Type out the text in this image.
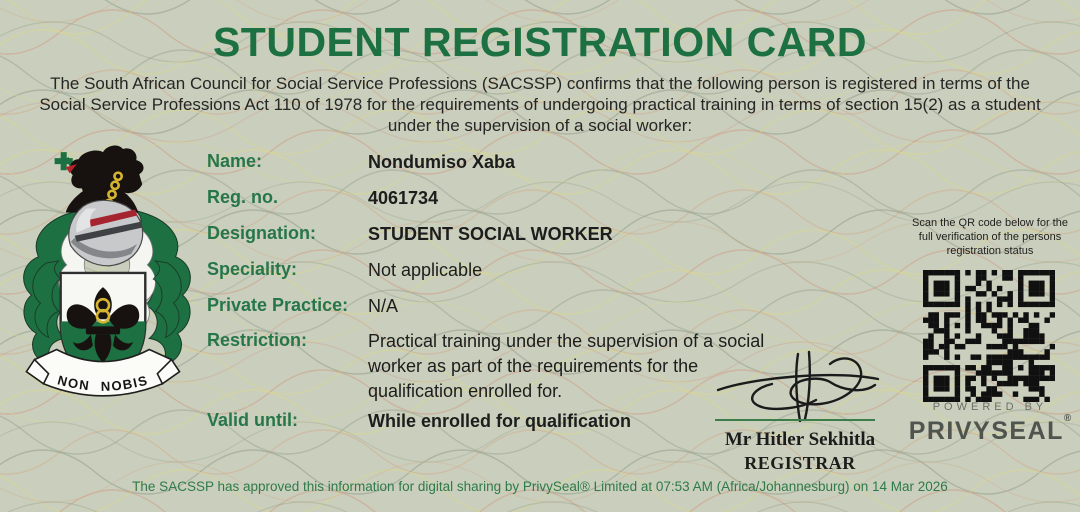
STUDENT REGISTRATION CARD
The South African Council for Social Service Professions (SACSSP) confirms that the following person is registered in terms of the Social Service Professions Act 110 of 1978 for the requirements of undergoing practical training in terms of section 15(2) as a student under the supervision of a social worker:
NON NOBIS
Name:	Nondumiso Xaba
Reg. no.	4061734
Designation:	STUDENT SOCIAL WORKER
Speciality:	Not applicable
Private Practice:	N/A
Restriction:	Practical training under the supervision of a social worker as part of the requirements for the qualification enrolled for.
Valid until:	While enrolled for qualification
Scan the QR code below for the full verification of the persons registration status
POWERED BY
PRIVYSEAL®
Mr Hitler Sekhitla
REGISTRAR
The SACSSP has approved this information for digital sharing by PrivySeal® Limited at 07:53 AM (Africa/Johannesburg) on 14 Mar 2026
